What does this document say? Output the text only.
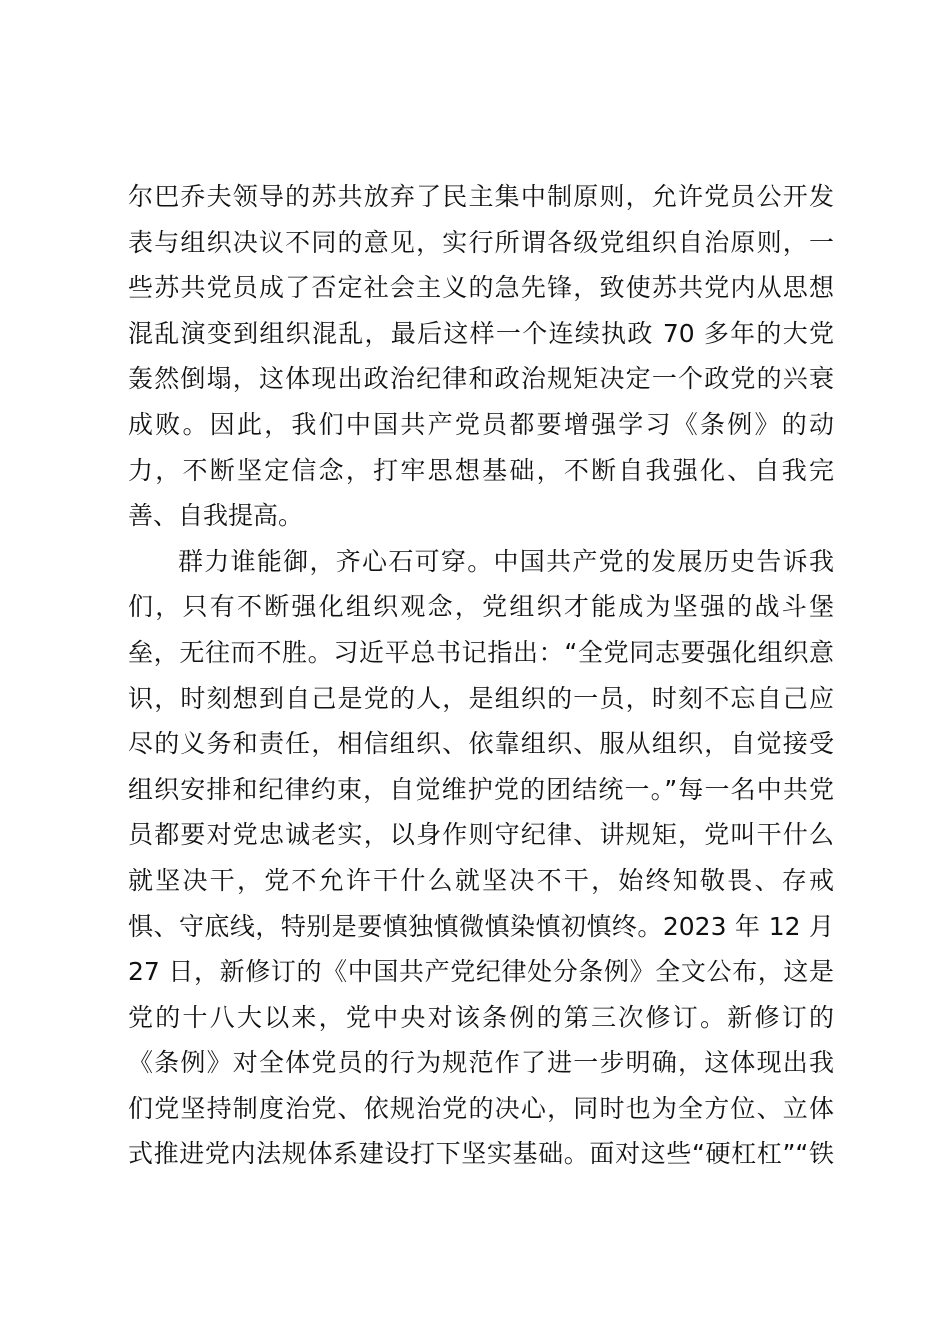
尔巴乔夫领导的苏共放弃了民主集中制原则，允许党员公开发
表与组织决议不同的意见，实行所谓各级党组织自治原则，一
些苏共党员成了否定社会主义的急先锋，致使苏共党内从思想
混乱演变到组织混乱，最后这样一个连续执政 70 多年的大党
轰然倒塌，这体现出政治纪律和政治规矩决定一个政党的兴衰
成败。因此，我们中国共产党员都要增强学习《条例》的动
力，不断坚定信念，打牢思想基础，不断自我强化、自我完
善、自我提高。
群力谁能御，齐心石可穿。中国共产党的发展历史告诉我
们，只有不断强化组织观念，党组织才能成为坚强的战斗堡
垒，无往而不胜。习近平总书记指出：“全党同志要强化组织意
识，时刻想到自己是党的人，是组织的一员，时刻不忘自己应
尽的义务和责任，相信组织、依靠组织、服从组织，自觉接受
组织安排和纪律约束，自觉维护党的团结统一。”每一名中共党
员都要对党忠诚老实，以身作则守纪律、讲规矩，党叫干什么
就坚决干，党不允许干什么就坚决不干，始终知敬畏、存戒
惧、守底线，特别是要慎独慎微慎染慎初慎终。2023 年 12 月
27 日，新修订的《中国共产党纪律处分条例》全文公布，这是
党的十八大以来，党中央对该条例的第三次修订。新修订的
《条例》对全体党员的行为规范作了进一步明确，这体现出我
们党坚持制度治党、依规治党的决心，同时也为全方位、立体
式推进党内法规体系建设打下坚实基础。面对这些“硬杠杠”“铁
